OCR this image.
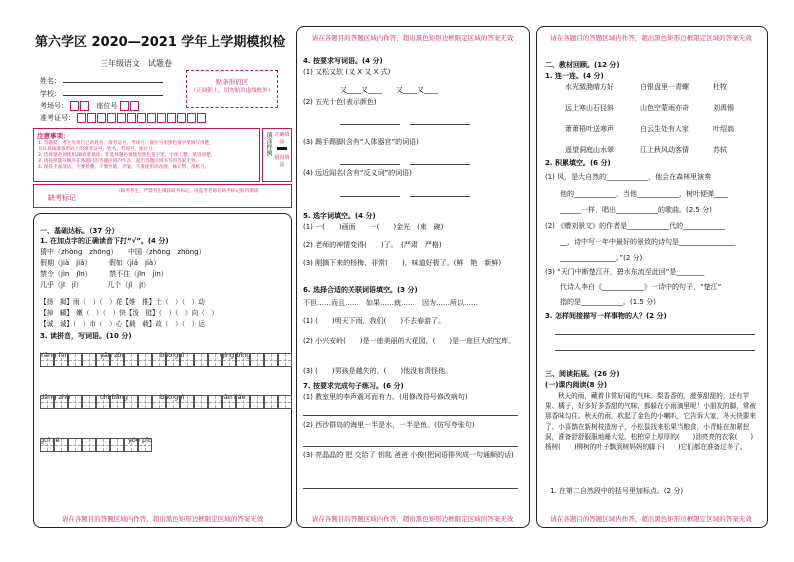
第六学区 2020—2021 学年上学期模拟检
三年级语文 试题卷
姓名：
学校：
考场号：	座位号
准考证号：
贴条形码区
（正面朝上，切勿贴出虚线框外）
注意事项：
1. 答题前，考生先将自己的姓名、准考证号、考场号、座位号用黑色签字笔填写清楚，
并认真核准条形码上的准考证号、姓名、考场号、座位号。
2. 选择题必须使用2B铅笔填涂；非选择题必须使用黑色签字笔，字体工整、笔迹清楚。
3. 请按照题号顺序在各题目的答题区域内作答，超出答题区域书写的答案无效。
4. 保持卡面清洁，不要折叠、不要弄破、弄皱，不准使用涂改液、修正带、刮纸刀。
填涂样例 正确填涂
错误填涂
缺考标记
（缺考考生，严禁考生填涂缺考标记，由监考老师在缺考标记框内填涂
请在各题目的答题区域内作答，超出黑色矩形边框限定区域的答案无效
一、基础达标。（37 分）
1. 在加点字的正确读音下打“√”。(4 分)
猜中（zhòng　zhōng）　　中国（zhōng　zhòng）
假期（jià　jiǎ）　　　假如（jiǎ　jià）
禁令（jìn　jīn）　　　禁不住（jīn　jìn）
几乎（jī　jǐ）　　　　几个（jǐ　jī）
【扬　揭】雨（　）（　）花【维　推】土（　）（　）动
【掉　蝴】　嫩（　）（　）快【泼　挺】（　）（　）向（　）
【诚　诚】（　）市（　）心【载　载】故（　）（　）运
3. 读拼音，写词语。(10 分)
Yǎng fèn	yān zòu	bǎo guì	qíng bīng
dǎng zhù	chì bǎng	bǎo guì	yān liáo
guǐ zé	yóu pǐo
请在各题目的答题区域内作答，超出黑色矩形边框限定区域的答案无效
请在各题目的答题区域内作答，超出黑色矩形边框限定区域的答案无效
4. 按要求写词语。(4 分)
(1) 又松又软 (又 X 又 X 式)
又____又____　　又____又____
(2) 五光十色(表示颜色)
(3) 踢手踢脚(含有“人体器官”的词语)
(4) 远近闻名(含有“反义词”的词语)
5. 选字词填空。(4 分)
(1) 一(　　)画面　　一(　　)金光　(束　碗)
(2) 老师的神情变得(　　)了。　(严肃　严格)
(3) 刚摘下来的杨梅，非常(　　)，味道好极了。(鲜　艳　新鲜)
6. 选择合适的关联词语填空。(3 分)
不但……而且……　如果……就……　因为……所以……
(1) (　　)明天下雨，我们(　　)不去春游了。
(2) 小兴安岭(　　)是一座美丽的大花园，(　　)是一座巨大的宝库。
(3) (　　)男孩是越失的，(　　)他没有责怪他。
7. 按要求完成句子练习。(6 分)
(1) 教室里的李声震耳而有力。(用修改符号修改病句)
(2) 西沙群岛的海里一半是水，一半是鱼。(仿写夸张句)
(3) 亮晶晶的 把 交给了 钥匙 爸爸 小俊(把词语排列成一句通顺的话)
请在各题目的答题区域内作答，超出黑色矩形边框限定区域的答案无效
请在各题目的答题区域内作答，超出黑色矩形边框限定区域的答案无效
二、教材回顾。(12 分)
1. 连一连。(4 分)
水光潋滟晴方好	白银盘里一青螺	杜牧
远上寒山石径斜	山色空蒙雨亦奇	刘禹锡
萧萧梧叶送寒声	白云生处有人家	叶绍翁
遥望洞庭山水翠	江上秋风动客情	苏轼
2. 积累填空。(6 分)
(1) 风，是大自然的____________，他会在森林里演奏
他的____________，当他____________，树叶便弹____
______一样，唱出____________的歌曲。(2.5 分)
(2) 《赠刘景文》的作者是____________代的____________
__，诗中写一年中最好的景致的诗句是________________
________________。”(2 分)
(3) “天门中断楚江开，碧水东流至此回”是________
代诗人李白《____________》一诗中的句子，“楚江”
指的是____________。(1.5 分)
3. 怎样间接描写一样事物的人？(2 分)
三、阅读拓展。(26 分)
(一)课内阅读(8 分)
秋天的雨，藏着非常好闻的气味。梨香香的，菠萝甜甜的，还有苹果、橘子，好多好多香甜的气味，都躲在小雨滴里呢！小朋友的脚，常被那香味勾住。秋天的雨，吹起了金色的小喇叭，它告诉大家，冬天快要来了。小喜鹊在新树枝造房子，小松鼠找来松果当粮食，小青蛙在加紧挖洞，准备舒舒服服地睡大觉。松柏穿上厚厚的(　　)油亮亮的衣裳(　　)杨树(　　)柳树的叶子飘到树妈妈的脚下(　　)它们都在准备过冬了。
1. 在第二自然段中的括号里加标点。(2 分)
